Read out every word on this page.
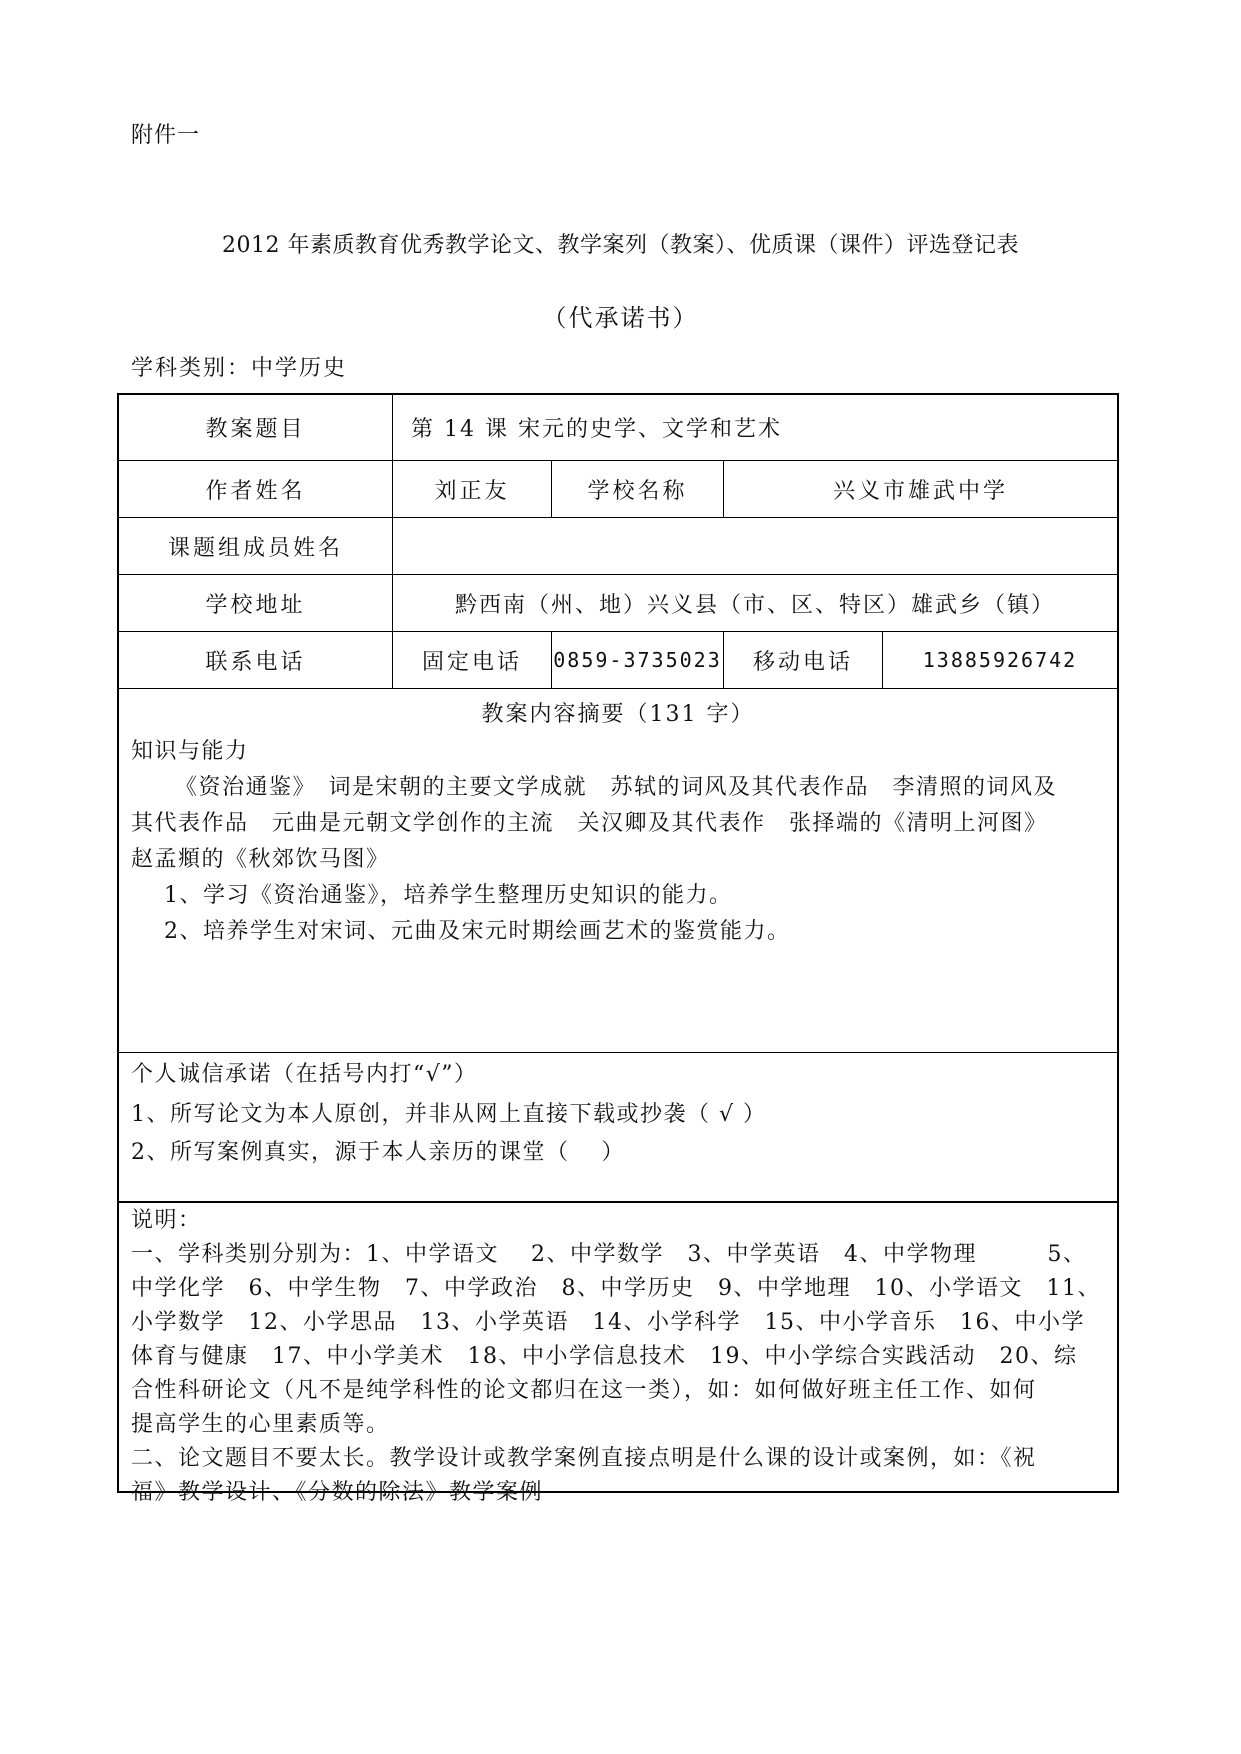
附件一
2012 年素质教育优秀教学论文、教学案列（教案）、优质课（课件）评选登记表
（代承诺书）
学科类别：中学历史
教案题目	第 14 课 宋元的史学、文学和艺术
作者姓名	刘正友	学校名称	兴义市雄武中学
课题组成员姓名
学校地址	黔西南（州、地）兴义县（市、区、特区）雄武乡（镇）
联系电话	固定电话	0859-3735023	移动电话	13885926742
教案内容摘要（131 字）

知识与能力

《资治通鉴》　词是宋朝的主要文学成就　苏轼的词风及其代表作品　李清照的词风及

其代表作品　元曲是元朝文学创作的主流　关汉卿及其代表作　张择端的《清明上河图》

赵孟頫的《秋郊饮马图》

1、学习《资治通鉴》，培养学生整理历史知识的能力。

2、培养学生对宋词、元曲及宋元时期绘画艺术的鉴赏能力。

个人诚信承诺（在括号内打“√”）

1、所写论文为本人原创，并非从网上直接下载或抄袭（ √ ）

2、所写案例真实，源于本人亲历的课堂（　 ）

说明：

一、学科类别分别为：1、中学语文　 2、中学数学　3、中学英语　4、中学物理　　　5、

中学化学　6、中学生物　7、中学政治　8、中学历史　9、中学地理　10、小学语文　11、

小学数学　12、小学思品　13、小学英语　14、小学科学　15、中小学音乐　16、中小学

体育与健康　17、中小学美术　18、中小学信息技术　19、中小学综合实践活动　20、综

合性科研论文（凡不是纯学科性的论文都归在这一类），如：如何做好班主任工作、如何

提高学生的心里素质等。

二、论文题目不要太长。教学设计或教学案例直接点明是什么课的设计或案例，如：《祝

福》教学设计、《分数的除法》教学案例
